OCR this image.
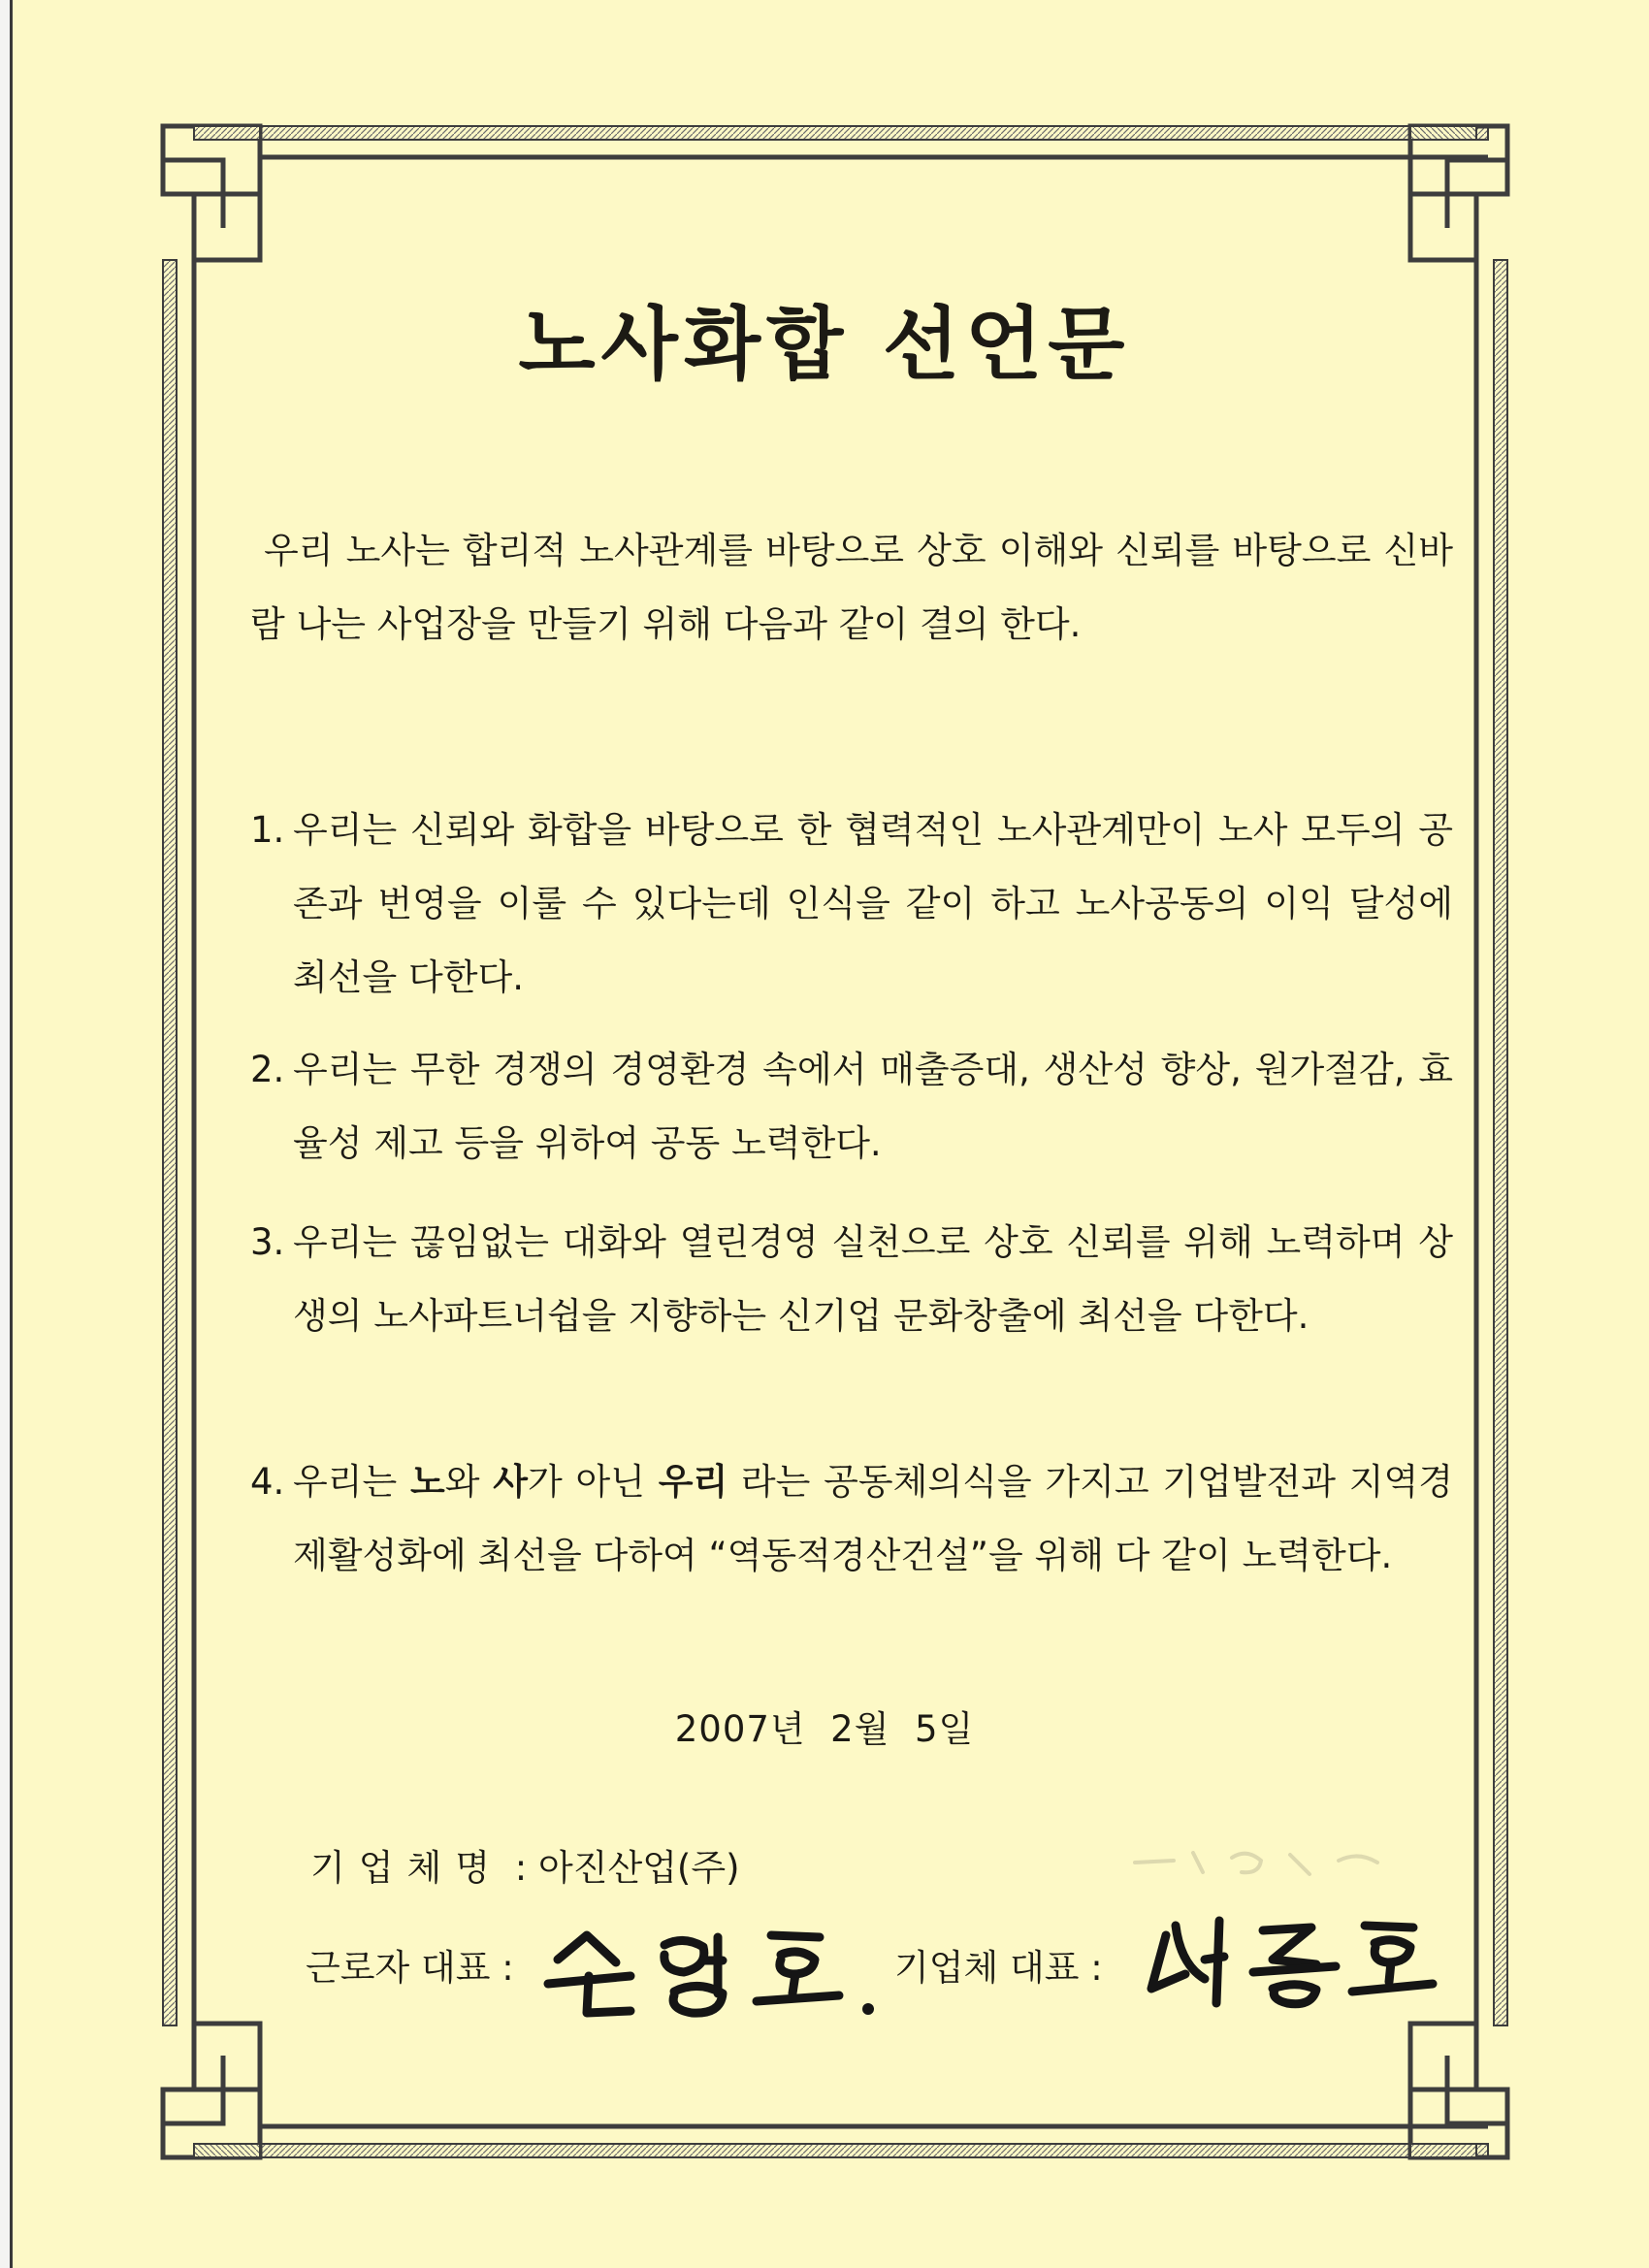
노사화합 선언문
우리 노사는 합리적 노사관계를 바탕으로 상호 이해와 신뢰를 바탕으로 신바람 나는 사업장을 만들기 위해 다음과 같이 결의 한다.
1. 우리는 신뢰와 화합을 바탕으로 한 협력적인 노사관계만이 노사 모두의 공존과 번영을 이룰 수 있다는데 인식을 같이 하고 노사공동의 이익 달성에 최선을 다한다.
2. 우리는 무한 경쟁의 경영환경 속에서 매출증대, 생산성 향상, 원가절감, 효율성 제고 등을 위하여 공동 노력한다.
3. 우리는 끊임없는 대화와 열린경영 실천으로 상호 신뢰를 위해 노력하며 상생의 노사파트너쉽을 지향하는 신기업 문화창출에 최선을 다한다.
4. 우리는 노와 사가 아닌 우리 라는 공동체의식을 가지고 기업발전과 지역경제활성화에 최선을 다하여 “역동적경산건설”을 위해 다 같이 노력한다.
2007년  2월  5일
기업체명 : 아진산업(주)
근로자 대표 :	기업체 대표 :
